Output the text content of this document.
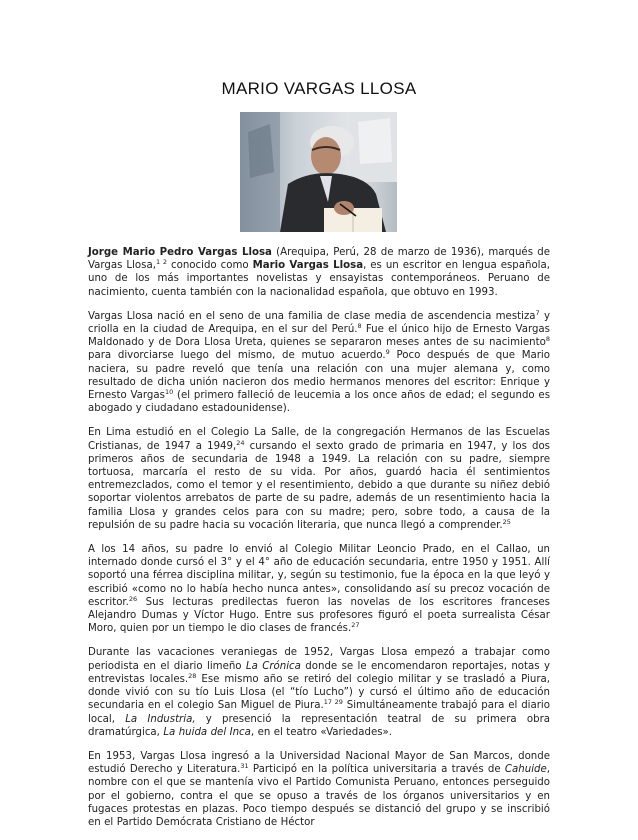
MARIO VARGAS LLOSA

Jorge Mario Pedro Vargas Llosa (Arequipa, Perú, 28 de marzo de 1936), marqués de Vargas Llosa,$^{1 2}$ conocido como Mario Vargas Llosa, es un escritor en lengua española, uno de los más importantes novelistas y ensayistas contemporáneos. Peruano de nacimiento, cuenta también con la nacionalidad española, que obtuvo en 1993.

Vargas Llosa nació en el seno de una familia de clase media de ascendencia mestiza$^7$ y criolla en la ciudad de Arequipa, en el sur del Perú.$^8$ Fue el único hijo de Ernesto Vargas Maldonado y de Dora Llosa Ureta, quienes se separaron meses antes de su nacimiento$^8$ para divorciarse luego del mismo, de mutuo acuerdo.$^9$ Poco después de que Mario naciera, su padre reveló que tenía una relación con una mujer alemana y, como resultado de dicha unión nacieron dos medio hermanos menores del escritor: Enrique y Ernesto Vargas$^{10}$ (el primero falleció de leucemia a los once años de edad; el segundo es abogado y ciudadano estadounidense).

En Lima estudió en el Colegio La Salle, de la congregación Hermanos de las Escuelas Cristianas, de 1947 a 1949,24 cursando el sexto grado de primaria en 1947, y los dos primeros años de secundaria de 1948 a 1949. La relación con su padre, siempre tortuosa, marcaría el resto de su vida. Por años, guardó hacia él sentimientos entremezclados, como el temor y el resentimiento, debido a que durante su niñez debió soportar violentos arrebatos de parte de su padre, además de un resentimiento hacia la familia Llosa y grandes celos para con su madre; pero, sobre todo, a causa de la repulsión de su padre hacia su vocación literaria, que nunca llegó a comprender.$^{25}$

A los 14 años, su padre lo envió al Colegio Militar Leoncio Prado, en el Callao, un internado donde cursó el 3° y el 4° año de educación secundaria, entre 1950 y 1951. Allí soportó una férrea disciplina militar, y, según su testimonio, fue la época en la que leyó y escribió «como no lo había hecho nunca antes», consolidando así su precoz vocación de escritor.$^{26}$ Sus lecturas predilectas fueron las novelas de los escritores franceses Alejandro Dumas y Víctor Hugo. Entre sus profesores figuró el poeta surrealista César Moro, quien por un tiempo le dio clases de francés.$^{27}$

Durante las vacaciones veraniegas de 1952, Vargas Llosa empezó a trabajar como periodista en el diario limeño La Crónica donde se le encomendaron reportajes, notas y entrevistas locales.$^{28}$ Ese mismo año se retiró del colegio militar y se trasladó a Piura, donde vivió con su tío Luis Llosa (el “tío Lucho”) y cursó el último año de educación secundaria en el colegio San Miguel de Piura.$^{17 29}$ Simultáneamente trabajó para el diario local, La Industria, y presenció la representación teatral de su primera obra dramatúrgica, La huida del Inca, en el teatro «Variedades».

En 1953, Vargas Llosa ingresó a la Universidad Nacional Mayor de San Marcos, donde estudió Derecho y Literatura.$^{31}$ Participó en la política universitaria a través de Cahuide, nombre con el que se mantenía vivo el Partido Comunista Peruano, entonces perseguido por el gobierno, contra el que se opuso a través de los órganos universitarios y en fugaces protestas en plazas. Poco tiempo después se distanció del grupo y se inscribió en el Partido Demócrata Cristiano de Héctor
